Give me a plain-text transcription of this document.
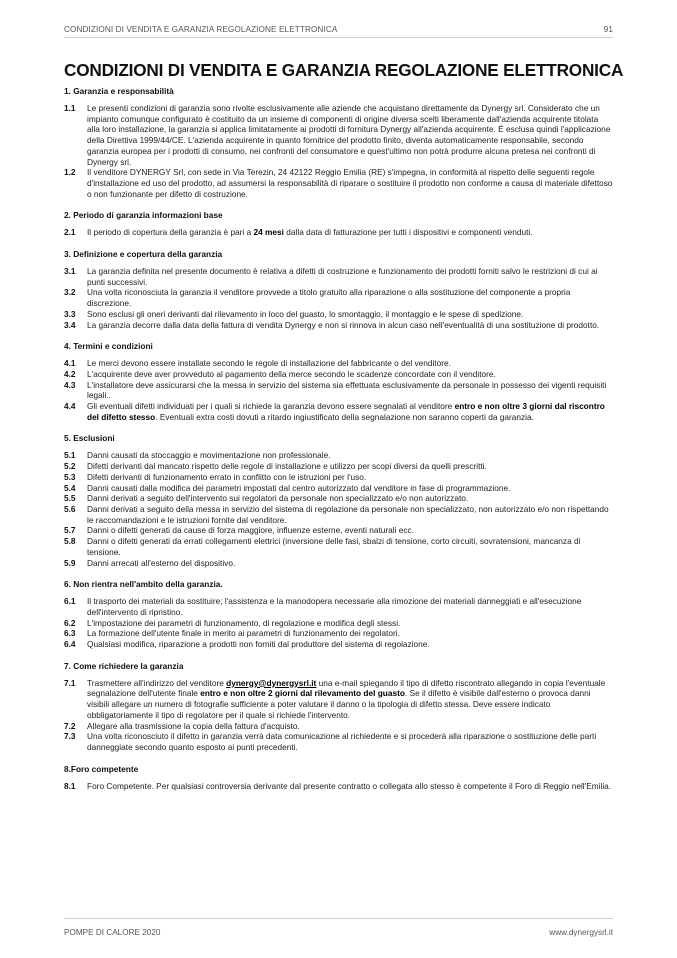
CONDIZIONI DI VENDITA E GARANZIA REGOLAZIONE ELETTRONICA	91
CONDIZIONI DI VENDITA E GARANZIA REGOLAZIONE ELETTRONICA
1. Garanzia e responsabilità
1.1 Le presenti condizioni di garanzia sono rivolte esclusivamente alle aziende che acquistano direttamente da Dynergy srl. Considerato che un impianto comunque configurato è costituito da un insieme di componenti di origine diversa scelti liberamente dall'azienda acquirente titolata alla loro installazione, la garanzia si applica limitatamente ai prodotti di fornitura Dynergy all'azienda acquirente. É esclusa quindi l'applicazione della Direttiva 1999/44/CE. L'azienda acquirente in quanto fornitrice del prodotto finito, diventa automaticamente responsabile, secondo garanzia europea per i prodotti di consumo, nei confronti del consumatore e quest'ultimo non potrà produrre alcuna pretesa nei confronti di Dynergy srl.
1.2 Il venditore DYNERGY Srl, con sede in Via Terezin, 24 42122 Reggio Emilia (RE) s'impegna, in conformità al rispetto delle seguenti regole d'installazione ed uso del prodotto, ad assumersi la responsabilità di riparare o sostituire il prodotto non conforme a causa di materiale difettoso o non funzionante per difetto di costruzione.
2. Periodo di garanzia informazioni base
2.1 Il periodo di copertura della garanzia è pari a 24 mesi dalla data di fatturazione per tutti i dispositivi e componenti venduti.
3. Definizione e copertura della garanzia
3.1 La garanzia definita nel presente documento è relativa a difetti di costruzione e funzionamento dei prodotti forniti salvo le restrizioni di cui ai punti successivi.
3.2 Una volta riconosciuta la garanzia il venditore provvede a titolo gratuito alla riparazione o alla sostituzione del componente a propria discrezione.
3.3 Sono esclusi gli oneri derivanti dal rilevamento in loco del guasto, lo smontaggio, il montaggio e le spese di spedizione.
3.4 La garanzia decorre dalla data della fattura di vendita Dynergy e non si rinnova in alcun caso nell'eventualità di una sostituzione di prodotto.
4. Termini e condizioni
4.1 Le merci devono essere installate secondo le regole di installazione del fabbricante o del venditore.
4.2 L'acquirente deve aver provveduto al pagamento della merce secondo le scadenze concordate con il venditore.
4.3 L'installatore deve assicurarsi che la messa in servizio del sistema sia effettuata esclusivamente da personale in possesso dei vigenti requisiti legali..
4.4 Gli eventuali difetti individuati per i quali si richiede la garanzia devono essere segnalati al venditore entro e non oltre 3 giorni dal riscontro del difetto stesso. Eventuali extra costi dovuti a ritardo ingiustificato della segnalazione non saranno coperti da garanzia.
5. Esclusioni
5.1 Danni causati da stoccaggio e movimentazione non professionale.
5.2 Difetti derivanti dal mancato rispetto delle regole di installazione e utilizzo per scopi diversi da quelli prescritti.
5.3 Difetti derivanti di funzionamento errato in conflitto con le istruzioni per l'uso.
5.4 Danni causati dalla modifica dei parametri impostati dal centro autorizzato dal venditore in fase di programmazione.
5.5 Danni derivati a seguito dell'intervento sui regolatori da personale non specializzato e/o non autorizzato.
5.6 Danni derivati a seguito della messa in servizio del sistema di regolazione da personale non specializzato, non autorizzato e/o non rispettando le raccomandazioni e le istruzioni fornite dal venditore.
5.7 Danni o difetti generati da cause di forza maggiore, influenze esterne, eventi naturali ecc.
5.8 Danni o difetti generati da errati collegamenti elettrici (inversione delle fasi, sbalzi di tensione, corto circuiti, sovratensioni, mancanza di tensione.
5.9 Danni arrecati all'esterno del dispositivo.
6. Non rientra nell'ambito della garanzia.
6.1 Il trasporto dei materiali da sostituire; l'assistenza e la manodopera necessarie alla rimozione dei materiali danneggiati e all'esecuzione dell'intervento di ripristino.
6.2 L'impostazione dei parametri di funzionamento, di regolazione e modifica degli stessi.
6.3 La formazione dell'utente finale in merito ai parametri di funzionamento dei regolatori.
6.4 Qualsiasi modifica, riparazione a prodotti non forniti dal produttore del sistema di regolazione.
7. Come richiedere la garanzia
7.1 Trasmettere all'indirizzo del venditore dynergy@dynergysrl.it una e-mail spiegando il tipo di difetto riscontrato allegando in copia l'eventuale segnalazione dell'utente finale entro e non oltre 2 giorni dal rilevamento del guasto. Se il difetto è visibile dall'esterno o provoca danni visibili allegare un numero di fotografie sufficiente a poter valutare il danno o la tipologia di difetto stessa. Deve essere indicato obbligatoriamente il tipo di regolatore per il quale si richiede l'intervento.
7.2 Allegare alla trasmissione la copia della fattura d'acquisto.
7.3 Una volta riconosciuto il difetto in garanzia verrà data comunicazione al richiedente e si procederà alla riparazione o sostituzione delle parti danneggiate secondo quanto esposto ai punti precedenti.
8.Foro competente
8.1 Foro Competente. Per qualsiasi controversia derivante dal presente contratto o collegata allo stesso è competente il Foro di Reggio nell'Emilia.
POMPE DI CALORE 2020	www.dynergysrl.it
